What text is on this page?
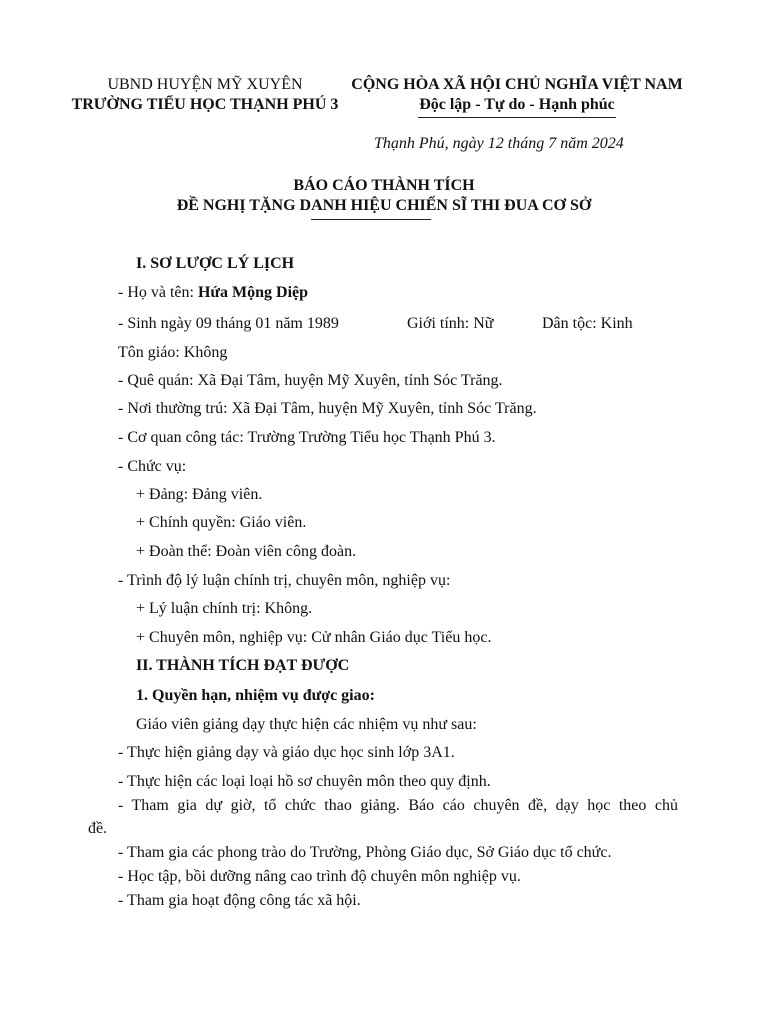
UBND HUYỆN MỸ XUYÊN
TRƯỜNG TIỂU HỌC THẠNH PHÚ 3
CỘNG HÒA XÃ HỘI CHỦ NGHĨA VIỆT NAM
Độc lập - Tự do - Hạnh phúc
Thạnh Phú, ngày 12 tháng 7 năm 2024
BÁO CÁO THÀNH TÍCH
ĐỀ NGHỊ TẶNG DANH HIỆU CHIẾN SĨ THI ĐUA CƠ SỞ
I. SƠ LƯỢC LÝ LỊCH
- Họ và tên: Hứa Mộng Diệp
- Sinh ngày 09 tháng 01 năm 1989	Giới tính: Nữ	Dân tộc: Kinh
Tôn giáo: Không
- Quê quán: Xã Đại Tâm, huyện Mỹ Xuyên, tỉnh Sóc Trăng.
- Nơi thường trú: Xã Đại Tâm, huyện Mỹ Xuyên, tỉnh Sóc Trăng.
- Cơ quan công tác: Trường Trường Tiểu học Thạnh Phú 3.
- Chức vụ:
+ Đảng: Đảng viên.
+ Chính quyền: Giáo viên.
+ Đoàn thể: Đoàn viên công đoàn.
- Trình độ lý luận chính trị, chuyên môn, nghiệp vụ:
+ Lý luận chính trị: Không.
+ Chuyên môn, nghiệp vụ: Cử nhân Giáo dục Tiểu học.
II. THÀNH TÍCH ĐẠT ĐƯỢC
1. Quyền hạn, nhiệm vụ được giao:
Giáo viên giảng dạy thực hiện các nhiệm vụ như sau:
- Thực hiện giảng dạy và giáo dục học sinh lớp 3A1.
- Thực hiện các loại loại hồ sơ chuyên môn theo quy định.
- Tham gia dự giờ, tổ chức thao giảng. Báo cáo chuyên đề, dạy học theo chủ
đề.
- Tham gia các phong trào do Trường, Phòng Giáo dục, Sở Giáo dục tổ chức.
- Học tập, bồi dưỡng nâng cao trình độ chuyên môn nghiệp vụ.
- Tham gia hoạt động công tác xã hội.
